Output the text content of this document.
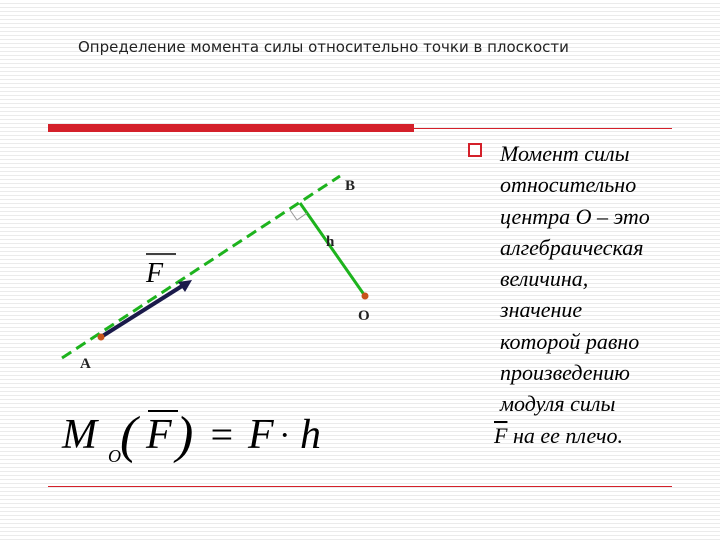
Определение момента силы относительно точки в плоскости
B
h
O
A
F
M O ( F ) = F · h
Момент силы
относительно
центра O – это
алгебраическая
величина,
значение
которой равно
произведению
модуля силы
$\overline{F}$ на ее плечо.
